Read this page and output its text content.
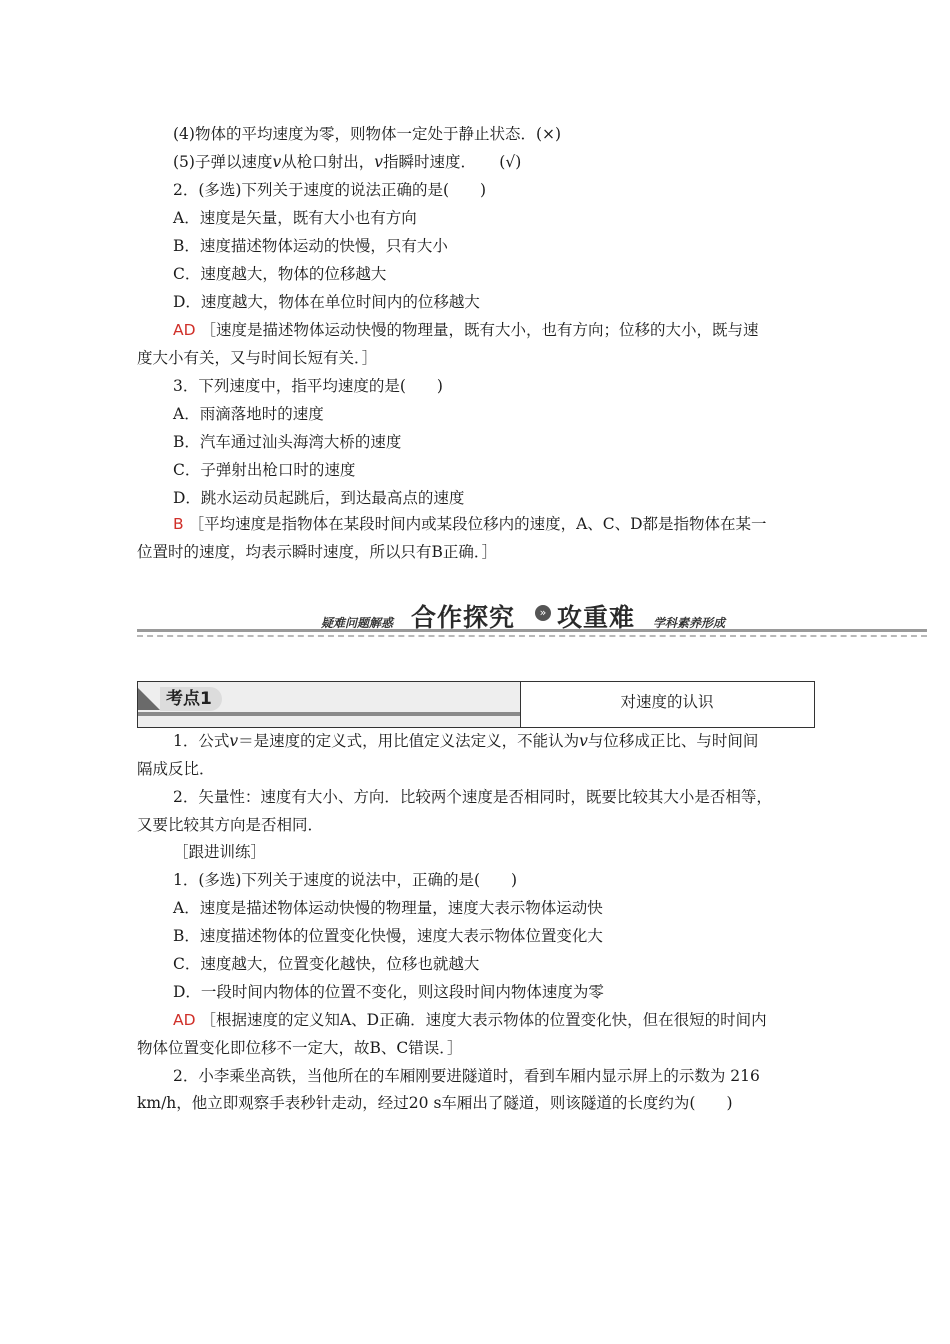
(4)物体的平均速度为零，则物体一定处于静止状态．(×)
(5)子弹以速度v从枪口射出，v指瞬时速度．　　(√)
2．(多选)下列关于速度的说法正确的是(　　)
A．速度是矢量，既有大小也有方向
B．速度描述物体运动的快慢，只有大小
C．速度越大，物体的位移越大
D．速度越大，物体在单位时间内的位移越大
AD ［速度是描述物体运动快慢的物理量，既有大小，也有方向；位移的大小，既与速
度大小有关，又与时间长短有关．］
3．下列速度中，指平均速度的是(　　)
A．雨滴落地时的速度
B．汽车通过汕头海湾大桥的速度
C．子弹射出枪口时的速度
D．跳水运动员起跳后，到达最高点的速度
B ［平均速度是指物体在某段时间内或某段位移内的速度，A、C、D都是指物体在某一
位置时的速度，均表示瞬时速度，所以只有B正确．］
疑难问题解惑 合作探究	» 攻重难 学科素养形成
考点1	对速度的认识
1．公式v＝是速度的定义式，用比值定义法定义，不能认为v与位移成正比、与时间间
隔成反比．
2．矢量性：速度有大小、方向．比较两个速度是否相同时，既要比较其大小是否相等，
又要比较其方向是否相同．
［跟进训练］
1．(多选)下列关于速度的说法中，正确的是(　　)
A．速度是描述物体运动快慢的物理量，速度大表示物体运动快
B．速度描述物体的位置变化快慢，速度大表示物体位置变化大
C．速度越大，位置变化越快，位移也就越大
D．一段时间内物体的位置不变化，则这段时间内物体速度为零
AD ［根据速度的定义知A、D正确．速度大表示物体的位置变化快，但在很短的时间内
物体位置变化即位移不一定大，故B、C错误．］
2．小李乘坐高铁，当他所在的车厢刚要进隧道时，看到车厢内显示屏上的示数为 216
km/h，他立即观察手表秒针走动，经过20 s车厢出了隧道，则该隧道的长度约为(　　)
